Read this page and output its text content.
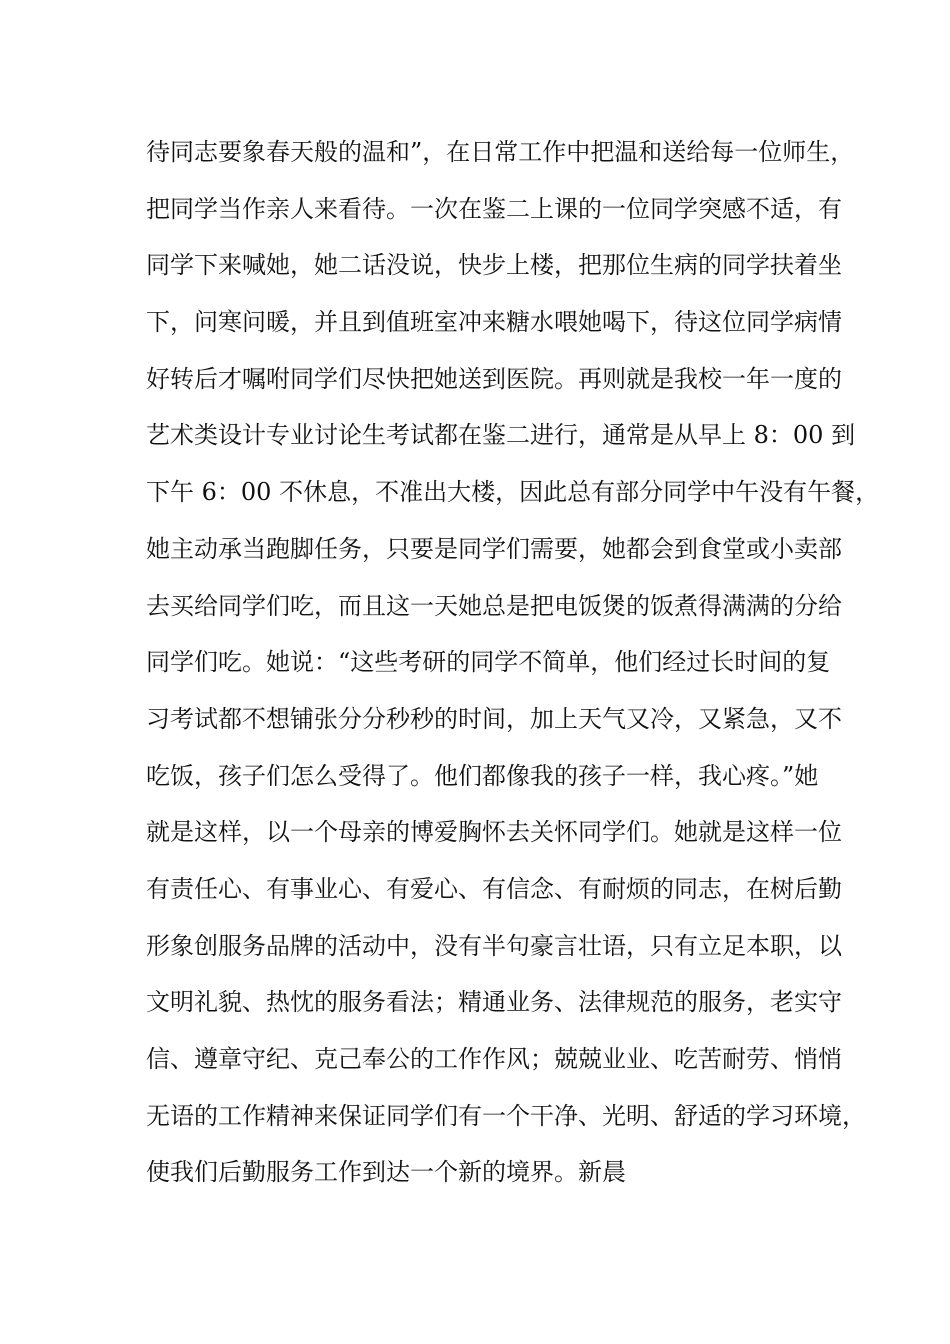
待同志要象春天般的温和”，在日常工作中把温和送给每一位师生，
把同学当作亲人来看待。一次在鉴二上课的一位同学突感不适，有
同学下来喊她，她二话没说，快步上楼，把那位生病的同学扶着坐
下，问寒问暖，并且到值班室冲来糖水喂她喝下，待这位同学病情
好转后才嘱咐同学们尽快把她送到医院。再则就是我校一年一度的
艺术类设计专业讨论生考试都在鉴二进行，通常是从早上 8：00 到
下午 6：00 不休息，不准出大楼，因此总有部分同学中午没有午餐，
她主动承当跑脚任务，只要是同学们需要，她都会到食堂或小卖部
去买给同学们吃，而且这一天她总是把电饭煲的饭煮得满满的分给
同学们吃。她说：“这些考研的同学不简单，他们经过长时间的复
习考试都不想铺张分分秒秒的时间，加上天气又冷，又紧急，又不
吃饭，孩子们怎么受得了。他们都像我的孩子一样，我心疼。”她
就是这样，以一个母亲的博爱胸怀去关怀同学们。她就是这样一位
有责任心、有事业心、有爱心、有信念、有耐烦的同志，在树后勤
形象创服务品牌的活动中，没有半句豪言壮语，只有立足本职，以
文明礼貌、热忱的服务看法；精通业务、法律规范的服务，老实守
信、遵章守纪、克己奉公的工作作风；兢兢业业、吃苦耐劳、悄悄
无语的工作精神来保证同学们有一个干净、光明、舒适的学习环境，
使我们后勤服务工作到达一个新的境界。新晨
